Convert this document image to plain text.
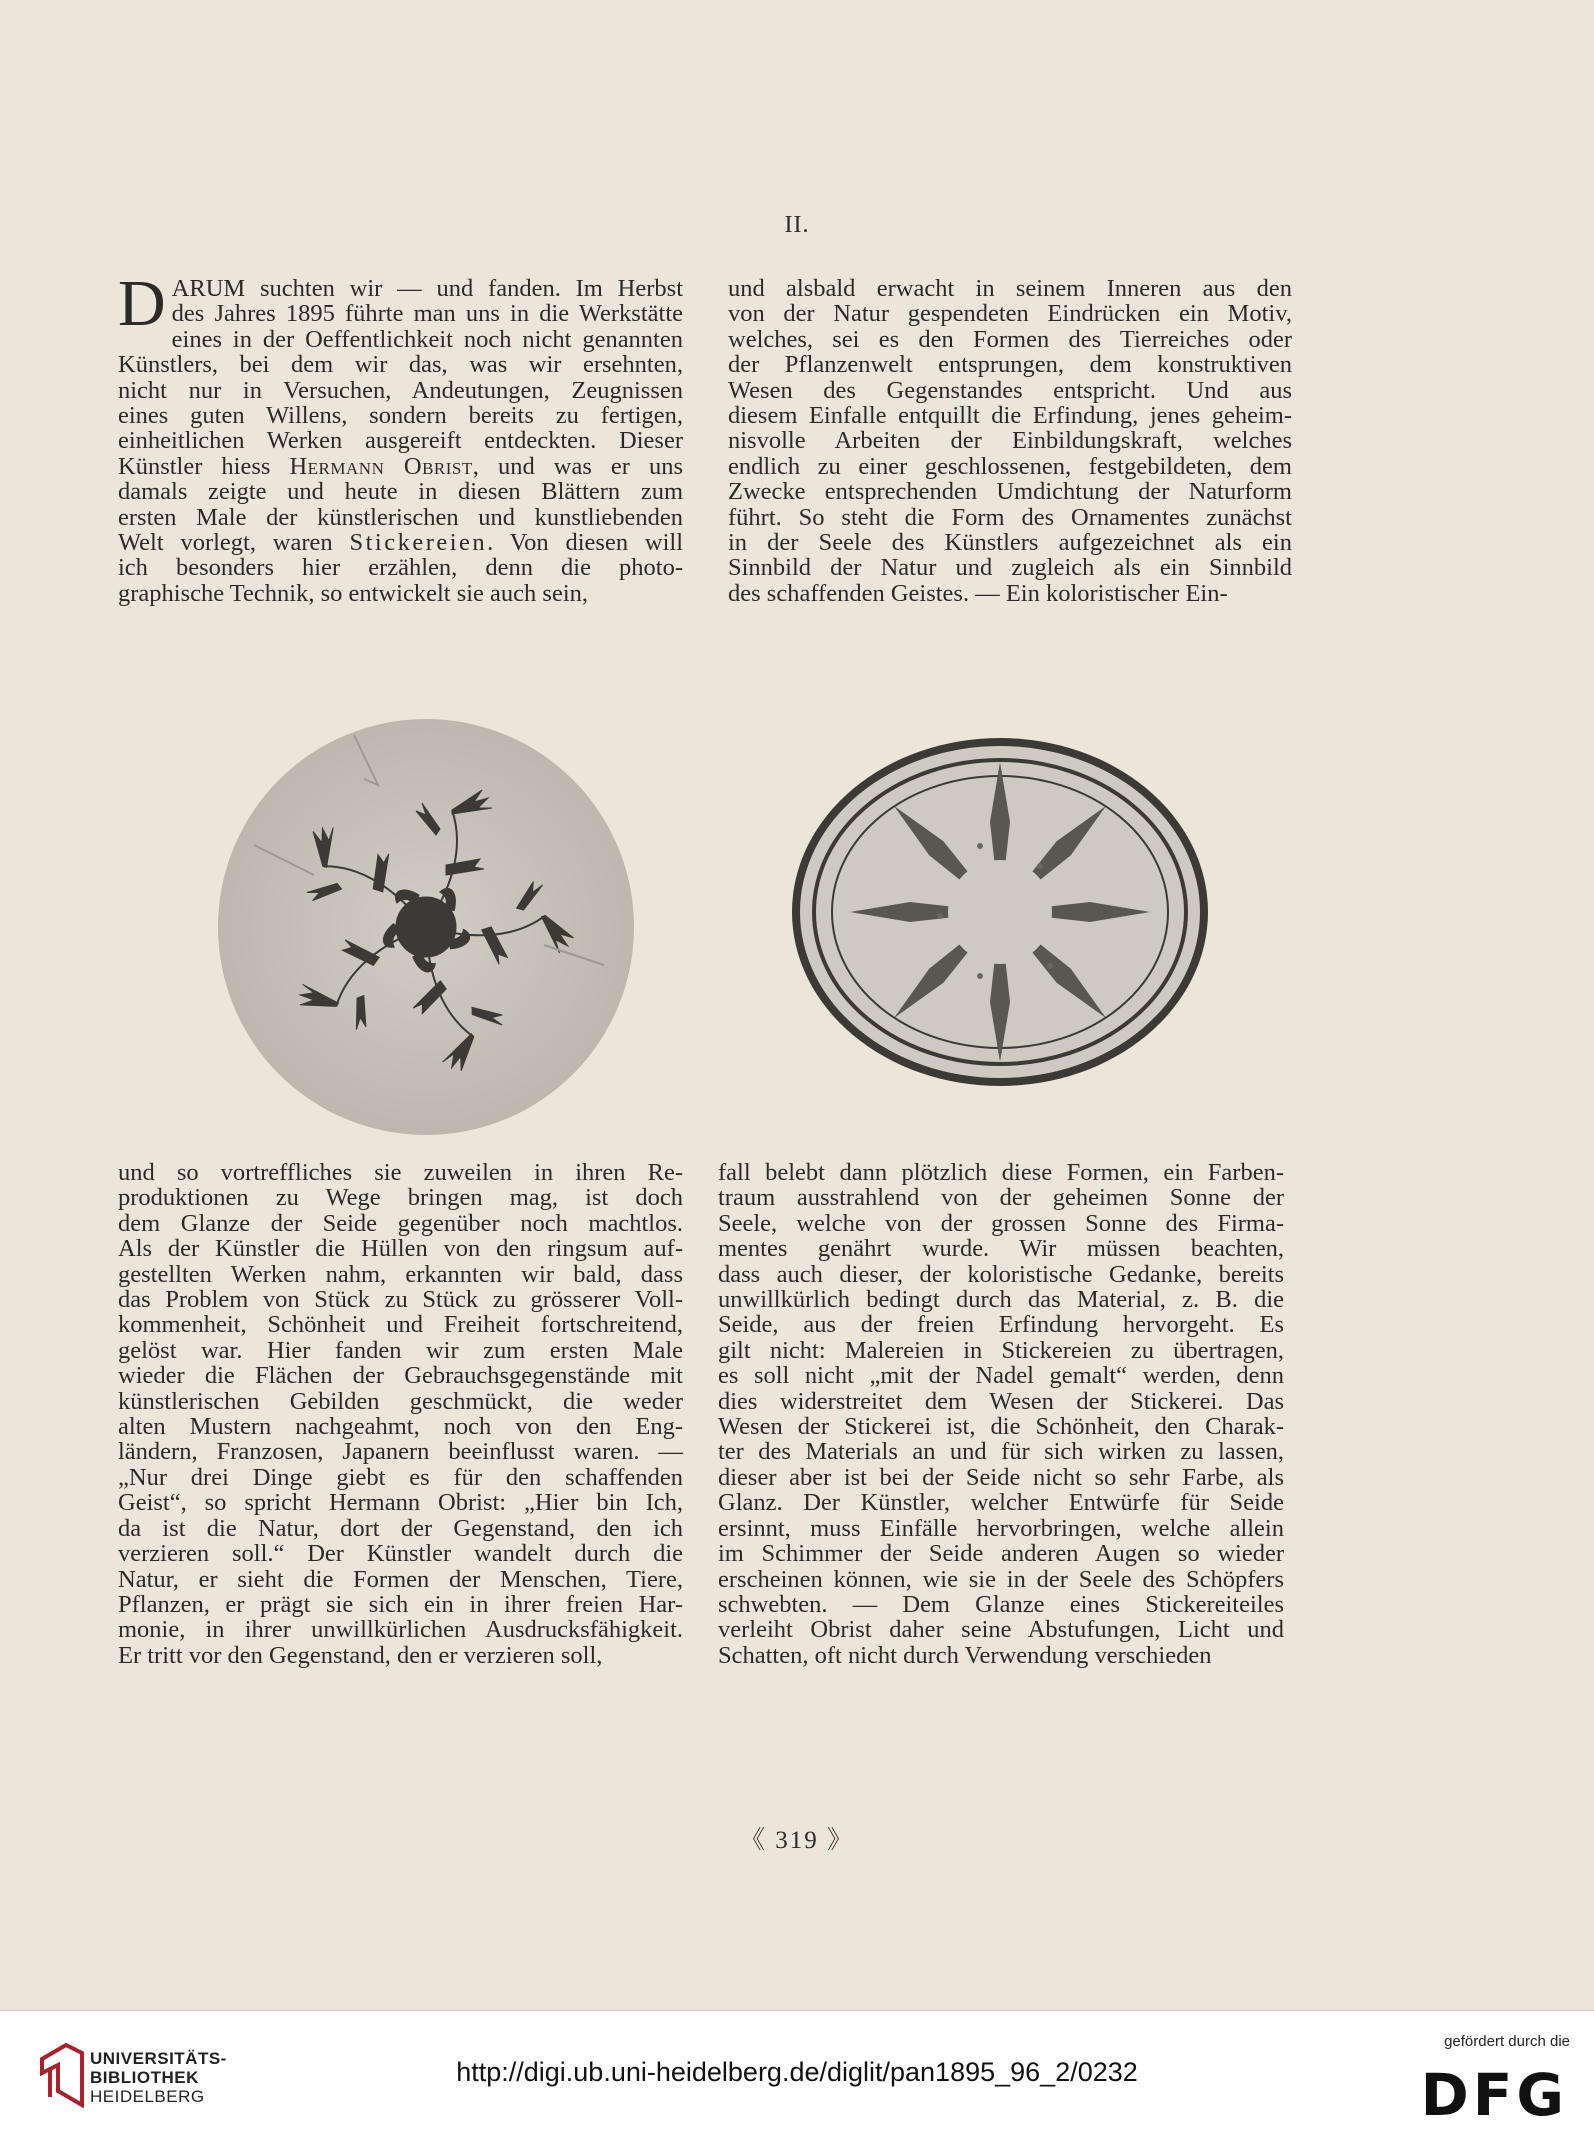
II.
D ARUM suchten wir — und fanden. Im Herbst
des Jahres 1895 führte man uns in die Werkstätte
eines in der Oeffentlichkeit noch nicht genannten
Künstlers, bei dem wir das, was wir ersehnten,
nicht nur in Versuchen, Andeutungen, Zeugnissen
eines guten Willens, sondern bereits zu fertigen,
einheitlichen Werken ausgereift entdeckten. Dieser
Künstler hiess Hermann Obrist, und was er uns
damals zeigte und heute in diesen Blättern zum
ersten Male der künstlerischen und kunstliebenden
Welt vorlegt, waren Stickereien. Von diesen will
ich besonders hier erzählen, denn die photo-
graphische Technik, so entwickelt sie auch sein,
und alsbald erwacht in seinem Inneren aus den
von der Natur gespendeten Eindrücken ein Motiv,
welches, sei es den Formen des Tierreiches oder
der Pflanzenwelt entsprungen, dem konstruktiven
Wesen des Gegenstandes entspricht. Und aus
diesem Einfalle entquillt die Erfindung, jenes geheim-
nisvolle Arbeiten der Einbildungskraft, welches
endlich zu einer geschlossenen, festgebildeten, dem
Zwecke entsprechenden Umdichtung der Naturform
führt. So steht die Form des Ornamentes zunächst
in der Seele des Künstlers aufgezeichnet als ein
Sinnbild der Natur und zugleich als ein Sinnbild
des schaffenden Geistes. — Ein koloristischer Ein-
und so vortreffliches sie zuweilen in ihren Re-
produktionen zu Wege bringen mag, ist doch
dem Glanze der Seide gegenüber noch machtlos.
Als der Künstler die Hüllen von den ringsum auf-
gestellten Werken nahm, erkannten wir bald, dass
das Problem von Stück zu Stück zu grösserer Voll-
kommenheit, Schönheit und Freiheit fortschreitend,
gelöst war. Hier fanden wir zum ersten Male
wieder die Flächen der Gebrauchsgegenstände mit
künstlerischen Gebilden geschmückt, die weder
alten Mustern nachgeahmt, noch von den Eng-
ländern, Franzosen, Japanern beeinflusst waren. —
„Nur drei Dinge giebt es für den schaffenden
Geist“, so spricht Hermann Obrist: „Hier bin Ich,
da ist die Natur, dort der Gegenstand, den ich
verzieren soll.“ Der Künstler wandelt durch die
Natur, er sieht die Formen der Menschen, Tiere,
Pflanzen, er prägt sie sich ein in ihrer freien Har-
monie, in ihrer unwillkürlichen Ausdrucksfähigkeit.
Er tritt vor den Gegenstand, den er verzieren soll,
fall belebt dann plötzlich diese Formen, ein Farben-
traum ausstrahlend von der geheimen Sonne der
Seele, welche von der grossen Sonne des Firma-
mentes genährt wurde. Wir müssen beachten,
dass auch dieser, der koloristische Gedanke, bereits
unwillkürlich bedingt durch das Material, z. B. die
Seide, aus der freien Erfindung hervorgeht. Es
gilt nicht: Malereien in Stickereien zu übertragen,
es soll nicht „mit der Nadel gemalt“ werden, denn
dies widerstreitet dem Wesen der Stickerei. Das
Wesen der Stickerei ist, die Schönheit, den Charak-
ter des Materials an und für sich wirken zu lassen,
dieser aber ist bei der Seide nicht so sehr Farbe, als
Glanz. Der Künstler, welcher Entwürfe für Seide
ersinnt, muss Einfälle hervorbringen, welche allein
im Schimmer der Seide anderen Augen so wieder
erscheinen können, wie sie in der Seele des Schöpfers
schwebten. — Dem Glanze eines Stickereiteiles
verleiht Obrist daher seine Abstufungen, Licht und
Schatten, oft nicht durch Verwendung verschieden
《 319 》
UNIVERSITÄTS-
BIBLIOTHEK
HEIDELBERG
http://digi.ub.uni-heidelberg.de/diglit/pan1895_96_2/0232
gefördert durch die
DFG
